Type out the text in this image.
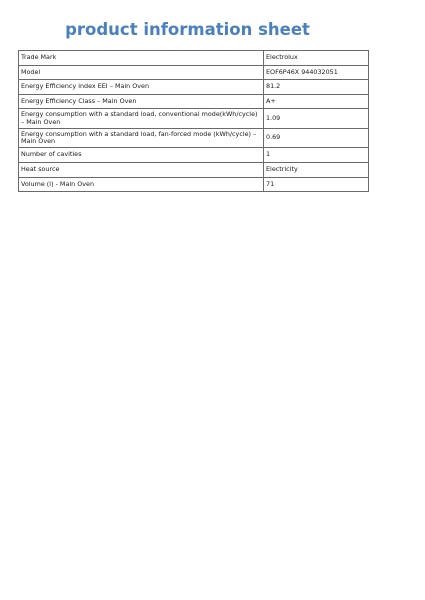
product information sheet
Trade Mark	Electrolux
Model	EOF6P46X 944032051
Energy Efficiency index EEI – Main Oven	81.2
Energy Efficiency Class – Main Oven	A+
Energy consumption with a standard load, conventional mode(kWh/cycle) – Main Oven	1.09
Energy consumption with a standard load, fan-forced mode (kWh/cycle) – Main Oven	0.69
Number of cavities	1
Heat source	Electricity
Volume (l) - Main Oven	71
